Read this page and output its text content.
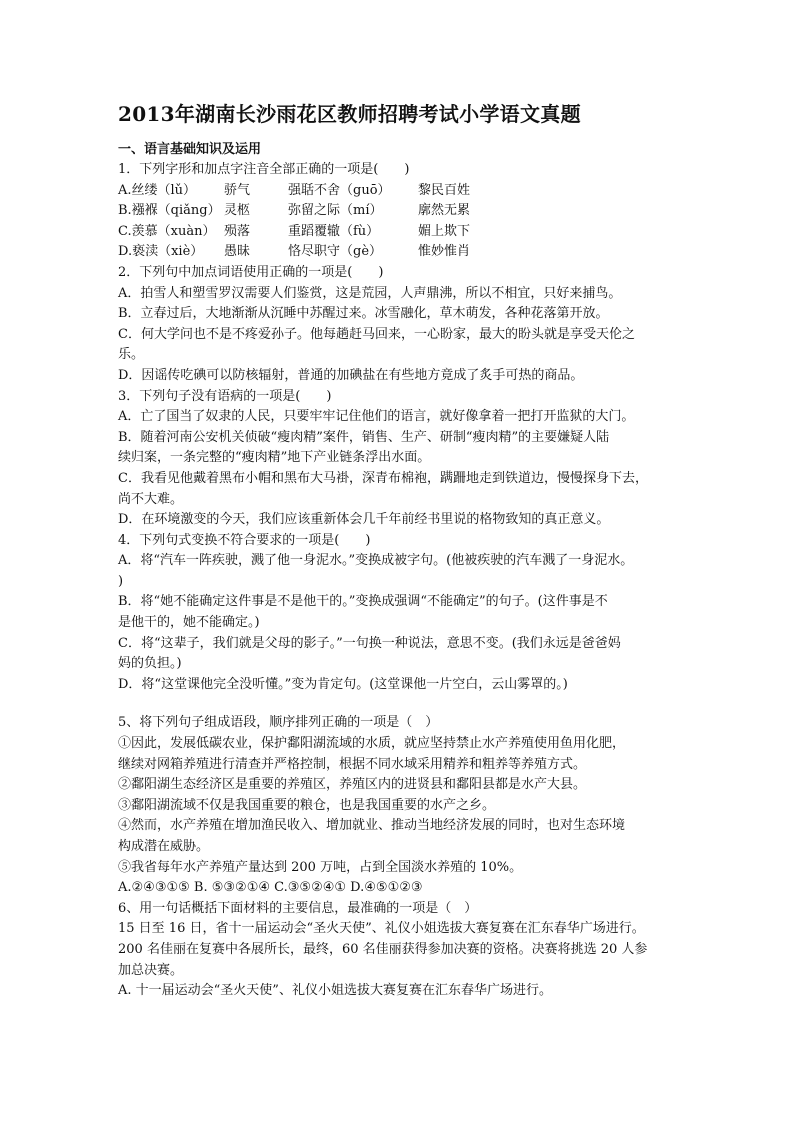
2013年湖南长沙雨花区教师招聘考试小学语文真题

一、语言基础知识及运用

1．下列字形和加点字注音全部正确的一项是(　　)

A.丝缕（lǔ）	骄气	强聒不舍（guō）	黎民百姓
B.襁褓（qiǎng） 灵柩	弥留之际（mí）	廓然无累
C.羡慕（xuàn） 殒落	重蹈覆辙（fù）	媚上欺下
D.亵渎（xiè）	愚昧	恪尽职守（gè）	惟妙惟肖

2．下列句中加点词语使用正确的一项是(　　)

A．拍雪人和塑雪罗汉需要人们鉴赏，这是荒园，人声鼎沸，所以不相宜，只好来捕鸟。

B．立春过后，大地渐渐从沉睡中苏醒过来。冰雪融化，草木萌发，各种花落第开放。

C．何大学问也不是不疼爱孙子。他每趟赶马回来，一心盼家，最大的盼头就是享受天伦之

乐。

D．因谣传吃碘可以防核辐射，普通的加碘盐在有些地方竟成了炙手可热的商品。

3．下列句子没有语病的一项是(　　)

A．亡了国当了奴隶的人民，只要牢牢记住他们的语言，就好像拿着一把打开监狱的大门。

B．随着河南公安机关侦破“瘦肉精”案件，销售、生产、研制“瘦肉精”的主要嫌疑人陆

续归案，一条完整的“瘦肉精”地下产业链条浮出水面。

C．我看见他戴着黑布小帽和黑布大马褂，深青布棉袍，蹒跚地走到铁道边，慢慢探身下去，

尚不大难。

D．在环境激变的今天，我们应该重新体会几千年前经书里说的格物致知的真正意义。

4．下列句式变换不符合要求的一项是(　　)

A．将“汽车一阵疾驶，溅了他一身泥水。”变换成被字句。(他被疾驶的汽车溅了一身泥水。

)

B．将“她不能确定这件事是不是他干的。”变换成强调“不能确定”的句子。(这件事是不

是他干的，她不能确定。)

C．将“这辈子，我们就是父母的影子。”一句换一种说法，意思不变。(我们永远是爸爸妈

妈的负担。)

D．将“这堂课他完全没听懂。”变为肯定句。(这堂课他一片空白，云山雾罩的。)

5、将下列句子组成语段，顺序排列正确的一项是（　）

①因此，发展低碳农业，保护鄱阳湖流域的水质，就应坚持禁止水产养殖使用鱼用化肥，

继续对网箱养殖进行清查并严格控制，根据不同水域采用精养和粗养等养殖方式。

②鄱阳湖生态经济区是重要的养殖区，养殖区内的进贤县和鄱阳县都是水产大县。

③鄱阳湖流域不仅是我国重要的粮仓，也是我国重要的水产之乡。

④然而，水产养殖在增加渔民收入、增加就业、推动当地经济发展的同时，也对生态环境

构成潜在威胁。

⑤我省每年水产养殖产量达到 200 万吨，占到全国淡水养殖的 10%。

A.②④③①⑤ B. ⑤③②①④ C.③⑤②④① D.④⑤①②③

6、用一句话概括下面材料的主要信息，最准确的一项是（　）

15 日至 16 日，省十一届运动会“圣火天使”、礼仪小姐选拔大赛复赛在汇东春华广场进行。

200 名佳丽在复赛中各展所长，最终，60 名佳丽获得参加决赛的资格。决赛将挑选 20 人参

加总决赛。

A. 十一届运动会“圣火天使”、礼仪小姐选拔大赛复赛在汇东春华广场进行。
